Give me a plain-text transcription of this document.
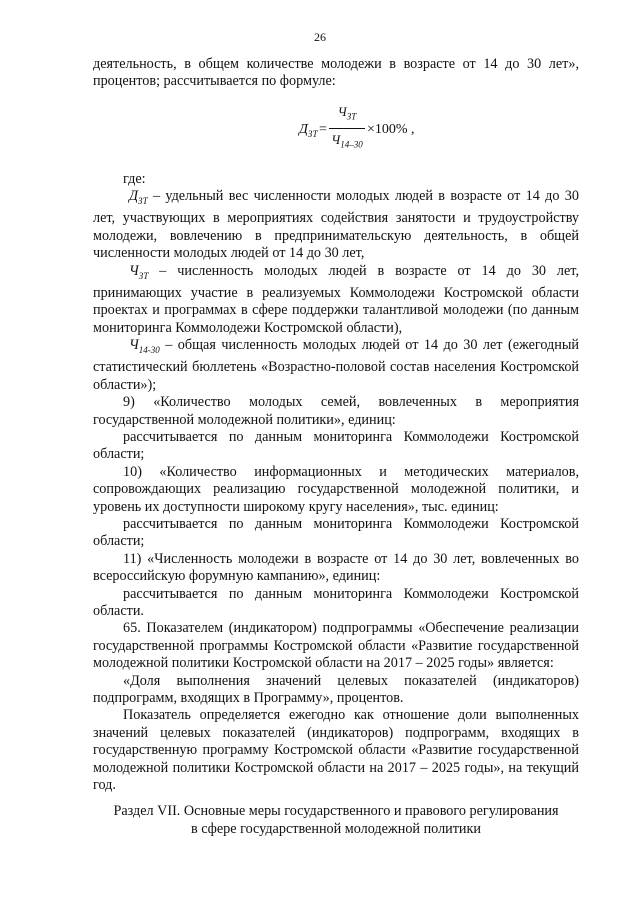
26

деятельность, в общем количестве молодежи в возрасте от 14 до 30 лет»,

процентов; рассчитывается по формуле:

$Д_{ЗТ}$ =
$Ч_{ЗТ}$
$Ч_{14-30}$
×100% ,

где:

$Д_{ЗТ}$ – удельный вес численности молодых людей в возрасте от 14 до 30 лет, участвующих в мероприятиях содействия занятости и трудоустройству молодежи, вовлечению в предпринимательскую деятельность, в общей численности молодых людей от 14 до 30 лет,

$Ч_{ЗТ}$ – численность молодых людей в возрасте от 14 до 30 лет, принимающих участие в реализуемых Коммолодежи Костромской области проектах и программах в сфере поддержки талантливой молодежи (по данным мониторинга Коммолодежи Костромской области),

$Ч_{14-30}$ – общая численность молодых людей от 14 до 30 лет (ежегодный статистический бюллетень «Возрастно-половой состав населения Костромской области»);

9) «Количество молодых семей, вовлеченных в мероприятия государственной молодежной политики», единиц:

рассчитывается по данным мониторинга Коммолодежи Костромской области;

10) «Количество информационных и методических материалов, сопровождающих реализацию государственной молодежной политики, и уровень их доступности широкому кругу населения», тыс. единиц:

рассчитывается по данным мониторинга Коммолодежи Костромской области;

11) «Численность молодежи в возрасте от 14 до 30 лет, вовлеченных во всероссийскую форумную кампанию», единиц:

рассчитывается по данным мониторинга Коммолодежи Костромской области.

65. Показателем (индикатором) подпрограммы «Обеспечение реализации государственной программы Костромской области «Развитие государственной молодежной политики Костромской области на 2017 – 2025 годы» является:

«Доля выполнения значений целевых показателей (индикаторов) подпрограмм, входящих в Программу», процентов.

Показатель определяется ежегодно как отношение доли выполненных значений целевых показателей (индикаторов) подпрограмм, входящих в государственную программу Костромской области «Развитие государственной молодежной политики Костромской области на 2017 – 2025 годы», на текущий год.

Раздел VII. Основные меры государственного и правового регулирования
в сфере государственной молодежной политики
